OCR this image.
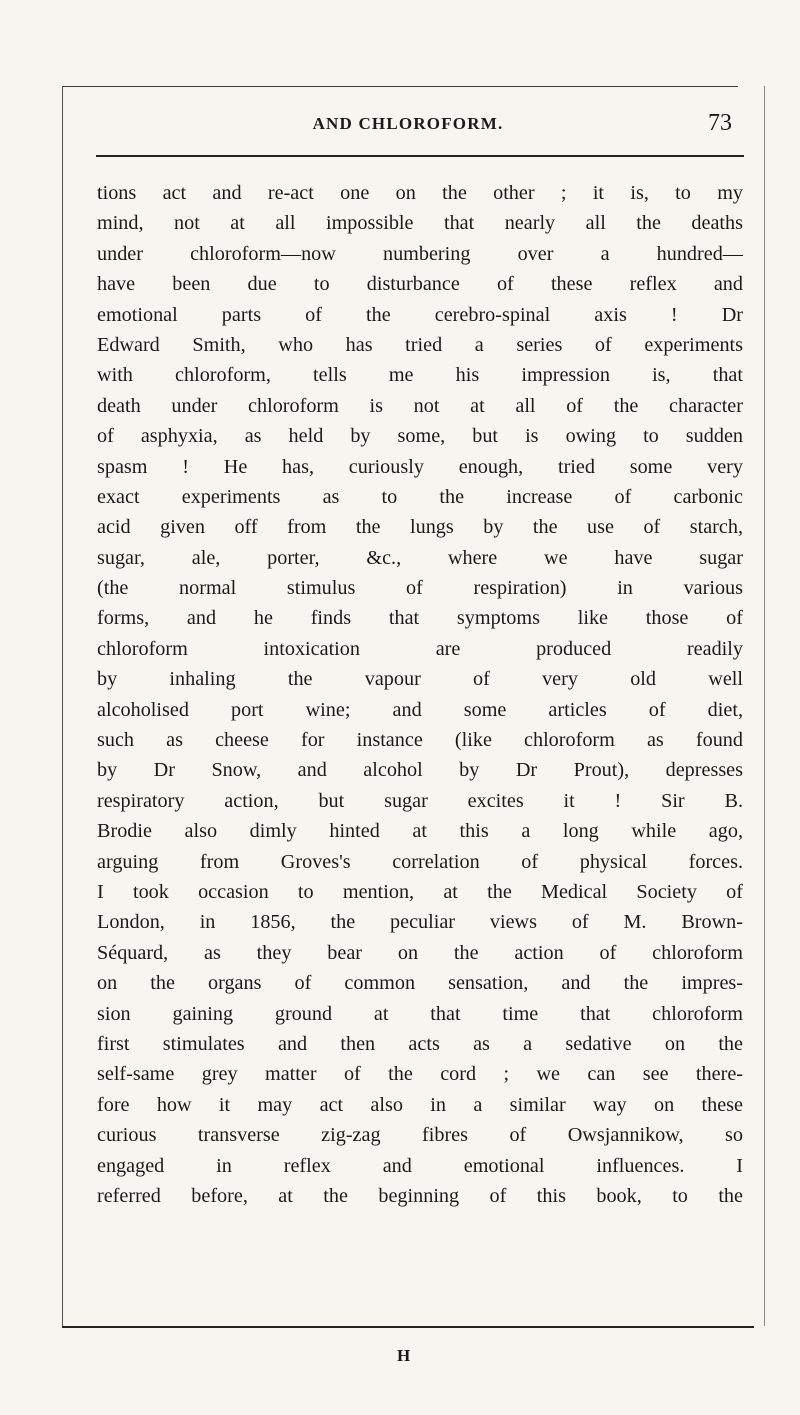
AND CHLOROFORM.	73
tions act and re-act one on the other ; it is, to my
mind, not at all impossible that nearly all the deaths
under chloroform—now numbering over a hundred—
have been due to disturbance of these reflex and
emotional parts of the cerebro-spinal axis ! Dr
Edward Smith, who has tried a series of experiments
with chloroform, tells me his impression is, that
death under chloroform is not at all of the character
of asphyxia, as held by some, but is owing to sudden
spasm ! He has, curiously enough, tried some very
exact experiments as to the increase of carbonic
acid given off from the lungs by the use of starch,
sugar, ale, porter, &c., where we have sugar
(the normal stimulus of respiration) in various
forms, and he finds that symptoms like those of
chloroform intoxication are produced readily
by inhaling the vapour of very old well
alcoholised port wine; and some articles of diet,
such as cheese for instance (like chloroform as found
by Dr Snow, and alcohol by Dr Prout), depresses
respiratory action, but sugar excites it ! Sir B.
Brodie also dimly hinted at this a long while ago,
arguing from Groves's correlation of physical forces.
I took occasion to mention, at the Medical Society of
London, in 1856, the peculiar views of M. Brown-
Séquard, as they bear on the action of chloroform
on the organs of common sensation, and the impres-
sion gaining ground at that time that chloroform
first stimulates and then acts as a sedative on the
self-same grey matter of the cord ; we can see there-
fore how it may act also in a similar way on these
curious transverse zig-zag fibres of Owsjannikow, so
engaged in reflex and emotional influences. I
referred before, at the beginning of this book, to the
H
